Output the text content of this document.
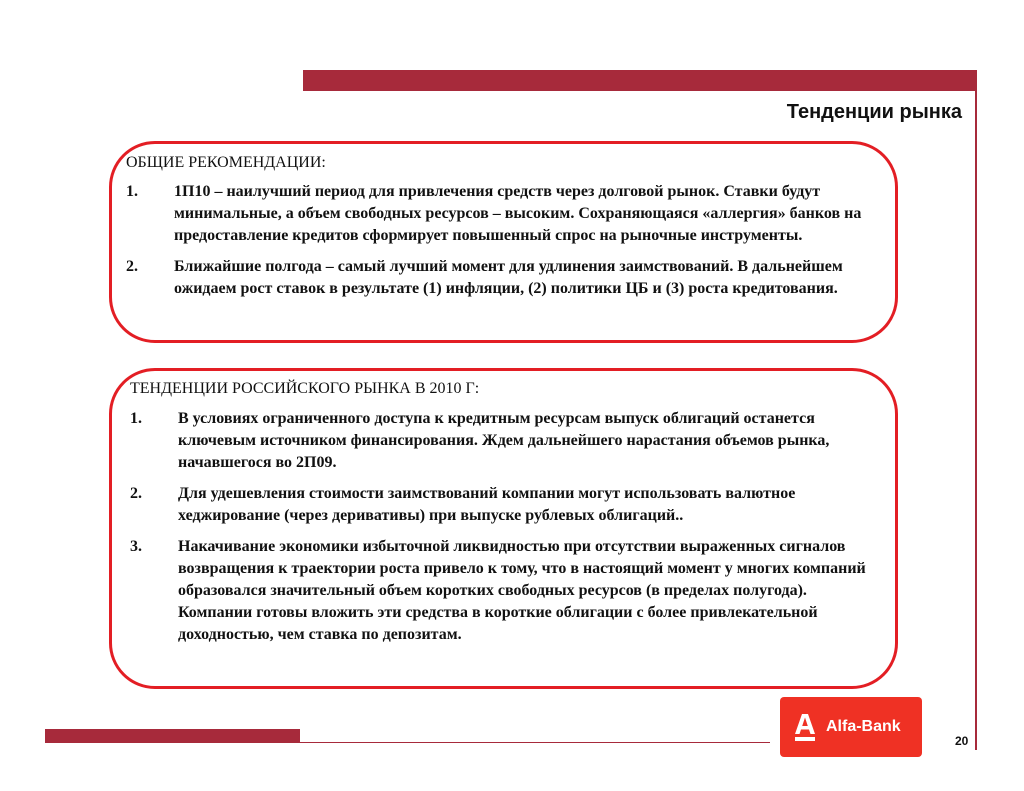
Тенденции рынка
ОБЩИЕ РЕКОМЕНДАЦИИ:
1.	1П10 – наилучший период для привлечения средств через долговой рынок. Ставки будут минимальные, а объем свободных ресурсов – высоким. Сохраняющаяся «аллергия» банков на предоставление кредитов сформирует повышенный спрос на рыночные инструменты.
2.	Ближайшие полгода – самый лучший момент для удлинения заимствований. В дальнейшем ожидаем рост ставок в результате (1) инфляции, (2) политики ЦБ и (3) роста кредитования.
ТЕНДЕНЦИИ РОССИЙСКОГО РЫНКА В 2010 Г:
1.	В условиях ограниченного доступа к кредитным ресурсам выпуск облигаций останется ключевым источником финансирования. Ждем дальнейшего нарастания объемов рынка, начавшегося во 2П09.
2.	Для удешевления стоимости заимствований компании могут использовать валютное хеджирование (через деривативы) при выпуске рублевых облигаций..
3.	Накачивание экономики избыточной ликвидностью при отсутствии выраженных сигналов возвращения к траектории роста привело к тому, что в настоящий момент у многих компаний образовался значительный объем коротких свободных ресурсов (в пределах полугода). Компании готовы вложить эти средства в короткие облигации с более привлекательной доходностью, чем ставка по депозитам.
Alfa-Bank
20
